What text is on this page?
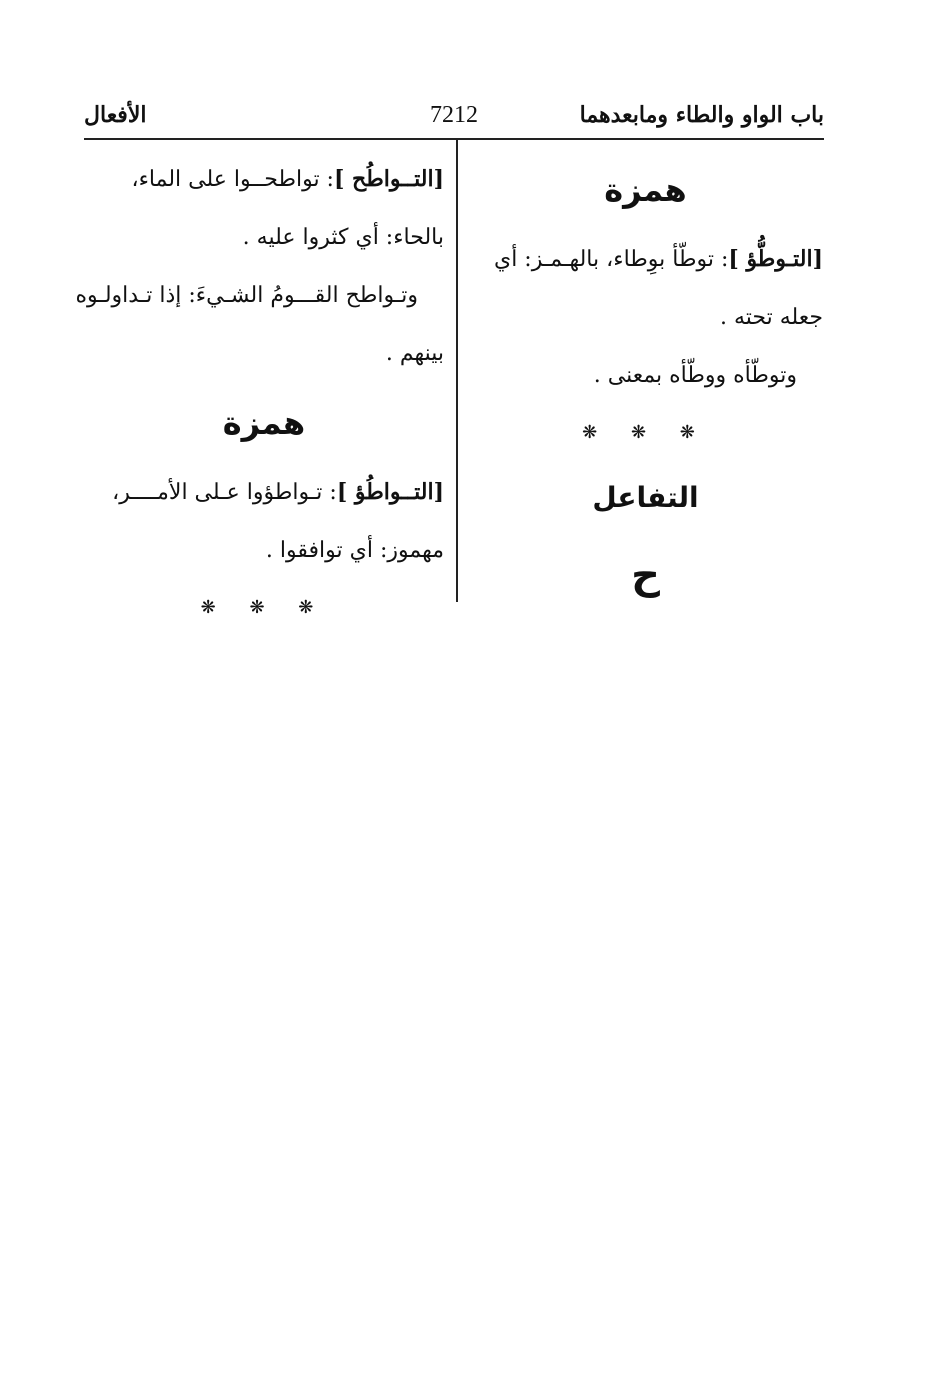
باب الواو والطاء ومابعدهما
7212
الأفعال
همزة
[التـوطُّؤ ]: توطّأ بوِطاء، بالهـمـز: أي
جعله تحته .
وتوطّأه ووطّأه بمعنى .
❋ ❋ ❋
التفاعل
ح
[التــواطُح ]: تواطحــوا على الماء،
بالحاء: أي كثروا عليه .
وتـواطح القـــومُ الشـيءَ: إذا تـداولـوه
بينهم .
همزة
[التــواطُؤ ]: تـواطؤوا عـلى الأمــــر،
مهموز: أي توافقوا .
❋ ❋ ❋
